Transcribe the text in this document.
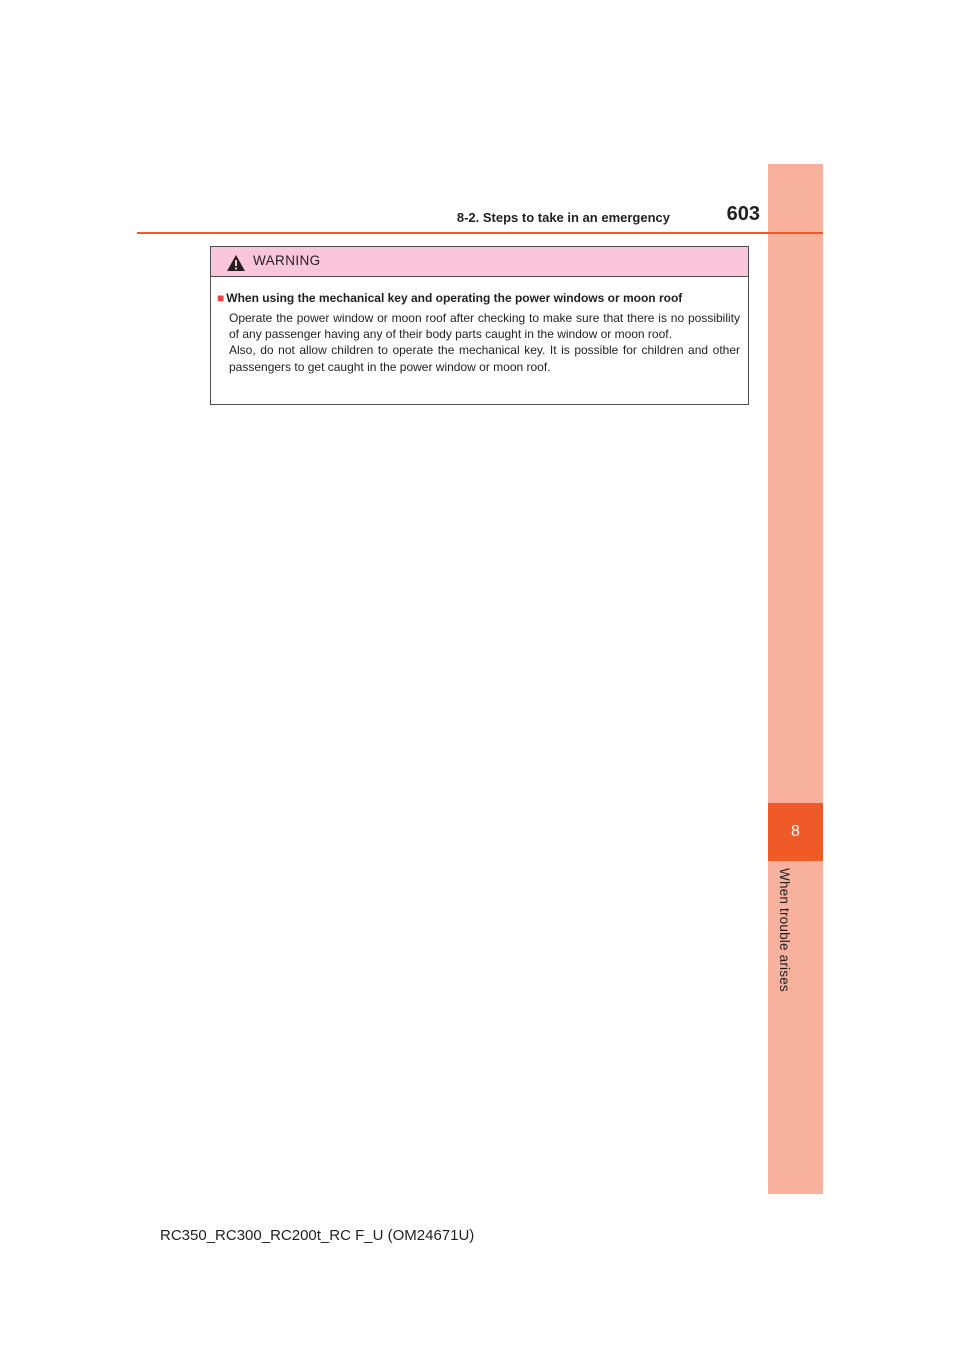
8
When trouble arises
8-2. Steps to take in an emergency	603
WARNING
■ When using the mechanical key and operating the power windows or moon roof

Operate the power window or moon roof after checking to make sure that there is no possibility of any passenger having any of their body parts caught in the window or moon roof.

Also, do not allow children to operate the mechanical key. It is possible for children and other passengers to get caught in the power window or moon roof.

RC350_RC300_RC200t_RC F_U (OM24671U)
